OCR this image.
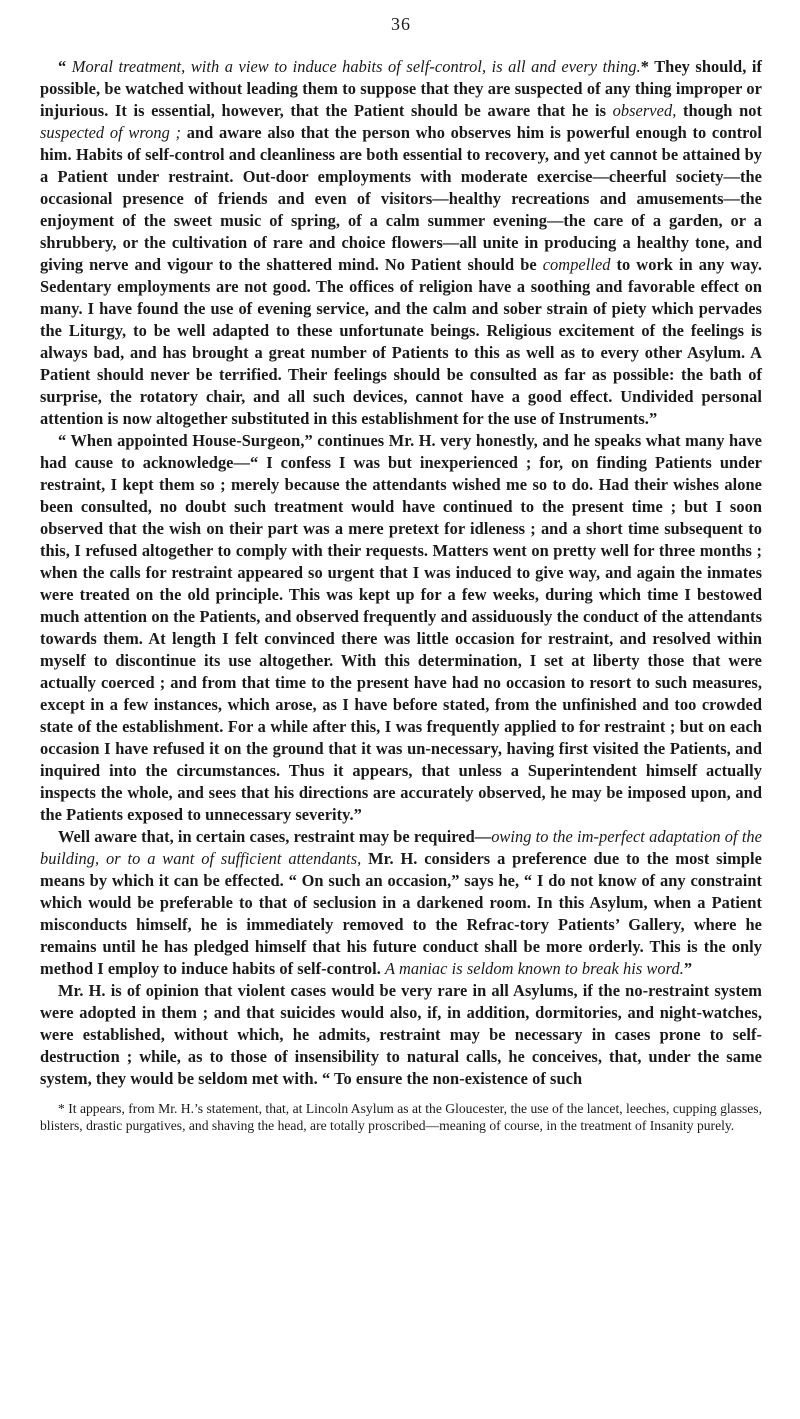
36

“ Moral treatment, with a view to induce habits of self-control, is all and every thing.* They should, if possible, be watched without leading them to suppose that they are suspected of any thing improper or injurious. It is essential, however, that the Patient should be aware that he is observed, though not suspected of wrong ; and aware also that the person who observes him is powerful enough to control him. Habits of self-control and cleanliness are both essential to recovery, and yet cannot be attained by a Patient under restraint. Out-door employments with moderate exercise—cheerful society—the occasional presence of friends and even of visitors—healthy recreations and amusements—the enjoyment of the sweet music of spring, of a calm summer evening—the care of a garden, or a shrubbery, or the cultivation of rare and choice flowers—all unite in producing a healthy tone, and giving nerve and vigour to the shattered mind. No Patient should be compelled to work in any way. Sedentary employments are not good. The offices of religion have a soothing and favorable effect on many. I have found the use of evening service, and the calm and sober strain of piety which pervades the Liturgy, to be well adapted to these unfortunate beings. Religious excitement of the feelings is always bad, and has brought a great number of Patients to this as well as to every other Asylum. A Patient should never be terrified. Their feelings should be consulted as far as possible: the bath of surprise, the rotatory chair, and all such devices, cannot have a good effect. Undivided personal attention is now altogether substituted in this establishment for the use of Instruments.”

“ When appointed House-Surgeon,” continues Mr. H. very honestly, and he speaks what many have had cause to acknowledge—“ I confess I was but inexperienced ; for, on finding Patients under restraint, I kept them so ; merely because the attendants wished me so to do. Had their wishes alone been consulted, no doubt such treatment would have continued to the present time ; but I soon observed that the wish on their part was a mere pretext for idleness ; and a short time subsequent to this, I refused altogether to comply with their requests. Matters went on pretty well for three months ; when the calls for restraint appeared so urgent that I was induced to give way, and again the inmates were treated on the old principle. This was kept up for a few weeks, during which time I bestowed much attention on the Patients, and observed frequently and assiduously the conduct of the attendants towards them. At length I felt convinced there was little occasion for restraint, and resolved within myself to discontinue its use altogether. With this determination, I set at liberty those that were actually coerced ; and from that time to the present have had no occasion to resort to such measures, except in a few instances, which arose, as I have before stated, from the unfinished and too crowded state of the establishment. For a while after this, I was frequently applied to for restraint ; but on each occasion I have refused it on the ground that it was un-necessary, having first visited the Patients, and inquired into the circumstances. Thus it appears, that unless a Superintendent himself actually inspects the whole, and sees that his directions are accurately observed, he may be imposed upon, and the Patients exposed to unnecessary severity.”

Well aware that, in certain cases, restraint may be required—owing to the im-perfect adaptation of the building, or to a want of sufficient attendants, Mr. H. considers a preference due to the most simple means by which it can be effected. “ On such an occasion,” says he, “ I do not know of any constraint which would be preferable to that of seclusion in a darkened room. In this Asylum, when a Patient misconducts himself, he is immediately removed to the Refrac-tory Patients’ Gallery, where he remains until he has pledged himself that his future conduct shall be more orderly. This is the only method I employ to induce habits of self-control. A maniac is seldom known to break his word.”

Mr. H. is of opinion that violent cases would be very rare in all Asylums, if the no-restraint system were adopted in them ; and that suicides would also, if, in addition, dormitories, and night-watches, were established, without which, he admits, restraint may be necessary in cases prone to self-destruction ; while, as to those of insensibility to natural calls, he conceives, that, under the same system, they would be seldom met with. “ To ensure the non-existence of such

* It appears, from Mr. H.’s statement, that, at Lincoln Asylum as at the Gloucester, the use of the lancet, leeches, cupping glasses, blisters, drastic purgatives, and shaving the head, are totally proscribed—meaning of course, in the treatment of Insanity purely.
